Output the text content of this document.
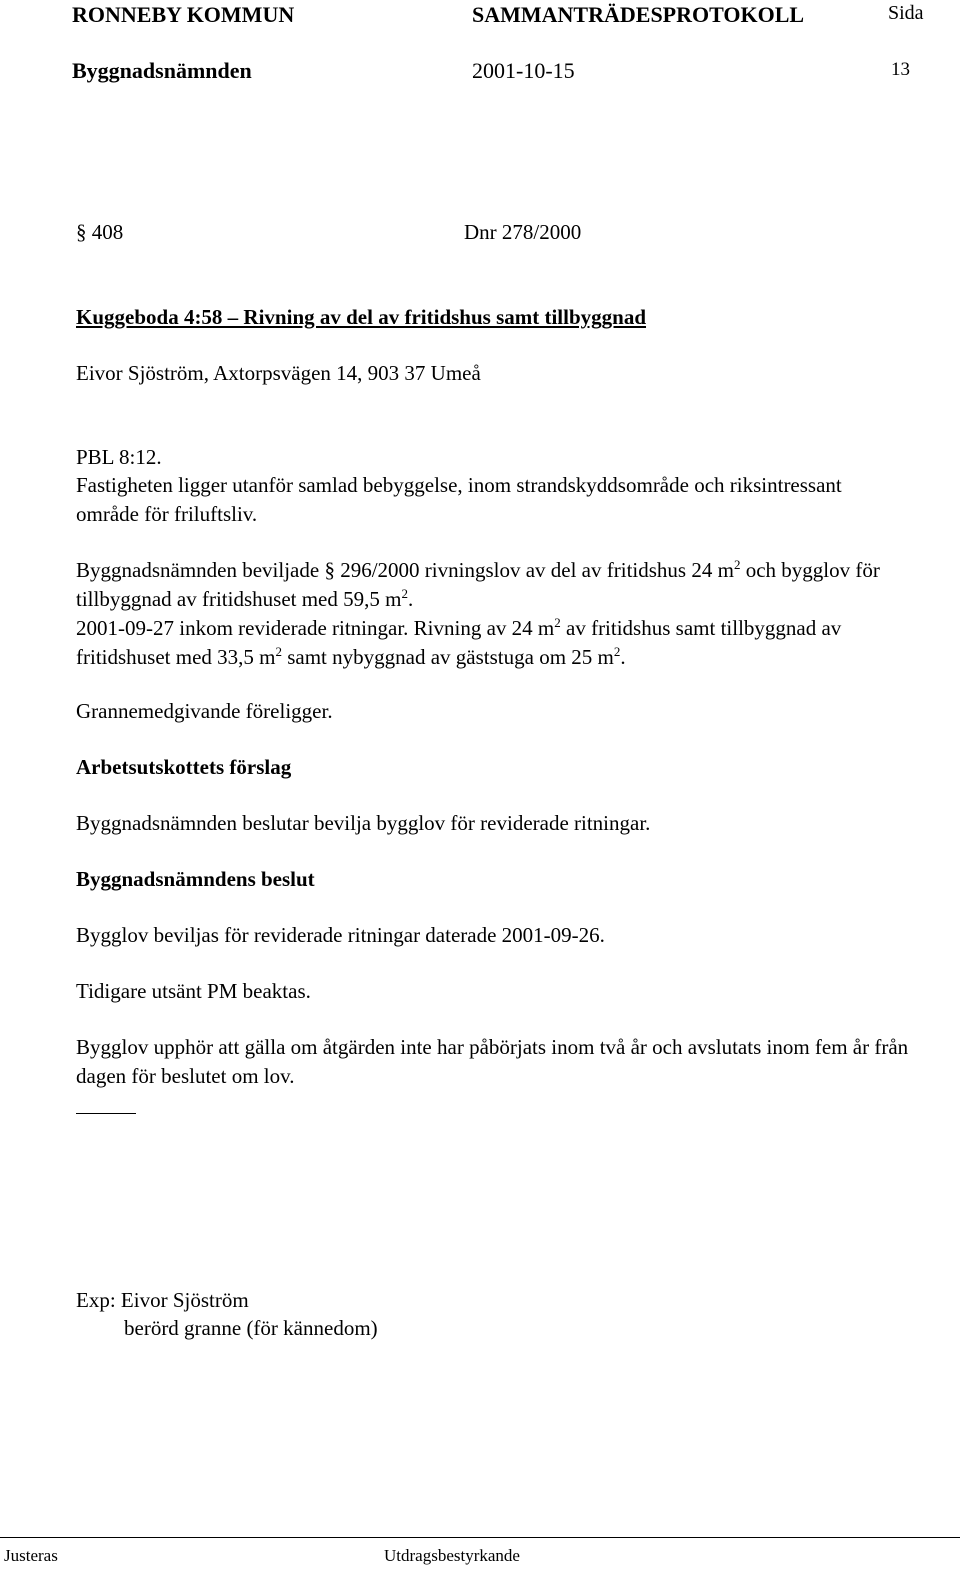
RONNEBY KOMMUN	SAMMANTRÄDESPROTOKOLL	Sida
Byggnadsnämnden	2001-10-15	13
§ 408	Dnr 278/2000
Kuggeboda 4:58 – Rivning av del av fritidshus samt tillbyggnad
Eivor Sjöström, Axtorpsvägen 14, 903 37 Umeå
PBL 8:12.
Fastigheten ligger utanför samlad bebyggelse, inom strandskyddsområde och riksintressant område för friluftsliv.
Byggnadsnämnden beviljade § 296/2000 rivningslov av del av fritidshus 24 $m^2$ och bygglov för tillbyggnad av fritidshuset med 59,5 $m^2$.
2001-09-27 inkom reviderade ritningar. Rivning av 24 $m^2$ av fritidshus samt tillbyggnad av fritidshuset med 33,5 $m^2$ samt nybyggnad av gäststuga om 25 $m^2$.
Grannemedgivande föreligger.
Arbetsutskottets förslag
Byggnadsnämnden beslutar bevilja bygglov för reviderade ritningar.
Byggnadsnämndens beslut
Bygglov beviljas för reviderade ritningar daterade 2001-09-26.
Tidigare utsänt PM beaktas.
Bygglov upphör att gälla om åtgärden inte har påbörjats inom två år och avslutats inom fem år från dagen för beslutet om lov.
Exp: Eivor Sjöström
berörd granne (för kännedom)
Justeras	Utdragsbestyrkande
